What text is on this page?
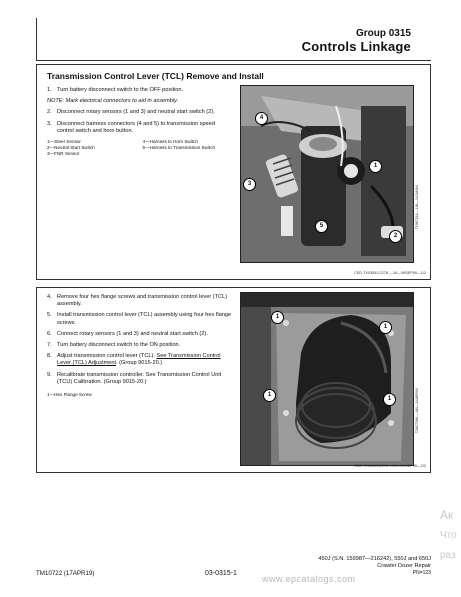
Group 0315
Controls Linkage
Transmission Control Lever (TCL) Remove and Install
1. Turn battery disconnect switch to the OFF position.
NOTE: Mark electrical connectors to aid in assembly.
2. Disconnect rotary sensors (1 and 3) and neutral start switch (2).
3. Disconnect harness connectors (4 and 5) to transmission speed control switch and horn button.
1—Steer Sensor	4—Harness to Horn Switch
2—Neutral Start Switch	5—Harness to Transmission Switch
3—FNR Sensor
4
1
3
5
2
T196711A —UN—14JUN04
CED,TX03543,2278 —19—09SEP99—1/2
4. Remove four hex flange screws and transmission control lever (TCL) assembly.
5. Install transmission control lever (TCL) assembly using four hex flange screws.
6. Connect rotary sensors (1 and 3) and neutral start switch (2).
7. Turn battery disconnect switch to the ON position.
8. Adjust transmission control lever (TCL). See Transmission Control Lever (TCL) Adjustment. (Group 9015-20.)
9. Recalibrate transmission controller. See Transmission Control Unit (TCU) Calibration. (Group 9015-20.)
1—Hex Flange Screw
1
1
1
1	T162716A —UN—14APR04
CED,TX03543,2278 —19—09SEP99—2/2
TM10722 (17APR19)	03-0315-1
450J (S.N. 159987—216242), 550J and 650J
Crawler Dozer Repair
PN=123
www.epcatalogs.com
Ак
Что
раз
